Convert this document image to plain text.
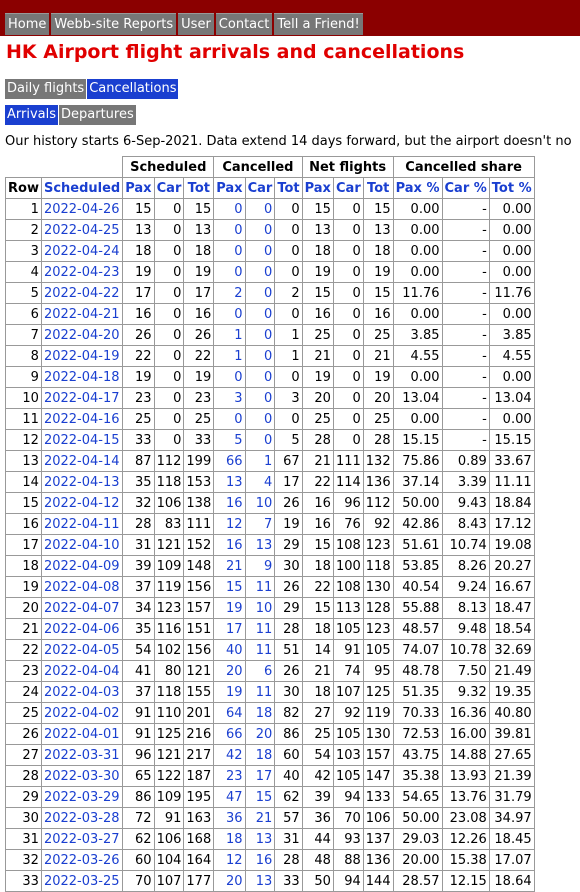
Home Webb-site Reports User Contact Tell a Friend!
HK Airport flight arrivals and cancellations
Daily flights Cancellations
Arrivals Departures
Our history starts 6-Sep-2021. Data extend 14 days forward, but the airport doesn't no
		Scheduled			Cancelled			Net flights			Cancelled share		
Row	Scheduled	Pax	Car	Tot	Pax	Car	Tot	Pax	Car	Tot	Pax %	Car %	Tot %
1	2022-04-26	15	0	15	0	0	0	15	0	15	0.00	-	0.00
2	2022-04-25	13	0	13	0	0	0	13	0	13	0.00	-	0.00
3	2022-04-24	18	0	18	0	0	0	18	0	18	0.00	-	0.00
4	2022-04-23	19	0	19	0	0	0	19	0	19	0.00	-	0.00
5	2022-04-22	17	0	17	2	0	2	15	0	15	11.76	-	11.76
6	2022-04-21	16	0	16	0	0	0	16	0	16	0.00	-	0.00
7	2022-04-20	26	0	26	1	0	1	25	0	25	3.85	-	3.85
8	2022-04-19	22	0	22	1	0	1	21	0	21	4.55	-	4.55
9	2022-04-18	19	0	19	0	0	0	19	0	19	0.00	-	0.00
10	2022-04-17	23	0	23	3	0	3	20	0	20	13.04	-	13.04
11	2022-04-16	25	0	25	0	0	0	25	0	25	0.00	-	0.00
12	2022-04-15	33	0	33	5	0	5	28	0	28	15.15	-	15.15
13	2022-04-14	87	112	199	66	1	67	21	111	132	75.86	0.89	33.67
14	2022-04-13	35	118	153	13	4	17	22	114	136	37.14	3.39	11.11
15	2022-04-12	32	106	138	16	10	26	16	96	112	50.00	9.43	18.84
16	2022-04-11	28	83	111	12	7	19	16	76	92	42.86	8.43	17.12
17	2022-04-10	31	121	152	16	13	29	15	108	123	51.61	10.74	19.08
18	2022-04-09	39	109	148	21	9	30	18	100	118	53.85	8.26	20.27
19	2022-04-08	37	119	156	15	11	26	22	108	130	40.54	9.24	16.67
20	2022-04-07	34	123	157	19	10	29	15	113	128	55.88	8.13	18.47
21	2022-04-06	35	116	151	17	11	28	18	105	123	48.57	9.48	18.54
22	2022-04-05	54	102	156	40	11	51	14	91	105	74.07	10.78	32.69
23	2022-04-04	41	80	121	20	6	26	21	74	95	48.78	7.50	21.49
24	2022-04-03	37	118	155	19	11	30	18	107	125	51.35	9.32	19.35
25	2022-04-02	91	110	201	64	18	82	27	92	119	70.33	16.36	40.80
26	2022-04-01	91	125	216	66	20	86	25	105	130	72.53	16.00	39.81
27	2022-03-31	96	121	217	42	18	60	54	103	157	43.75	14.88	27.65
28	2022-03-30	65	122	187	23	17	40	42	105	147	35.38	13.93	21.39
29	2022-03-29	86	109	195	47	15	62	39	94	133	54.65	13.76	31.79
30	2022-03-28	72	91	163	36	21	57	36	70	106	50.00	23.08	34.97
31	2022-03-27	62	106	168	18	13	31	44	93	137	29.03	12.26	18.45
32	2022-03-26	60	104	164	12	16	28	48	88	136	20.00	15.38	17.07
33	2022-03-25	70	107	177	20	13	33	50	94	144	28.57	12.15	18.64
